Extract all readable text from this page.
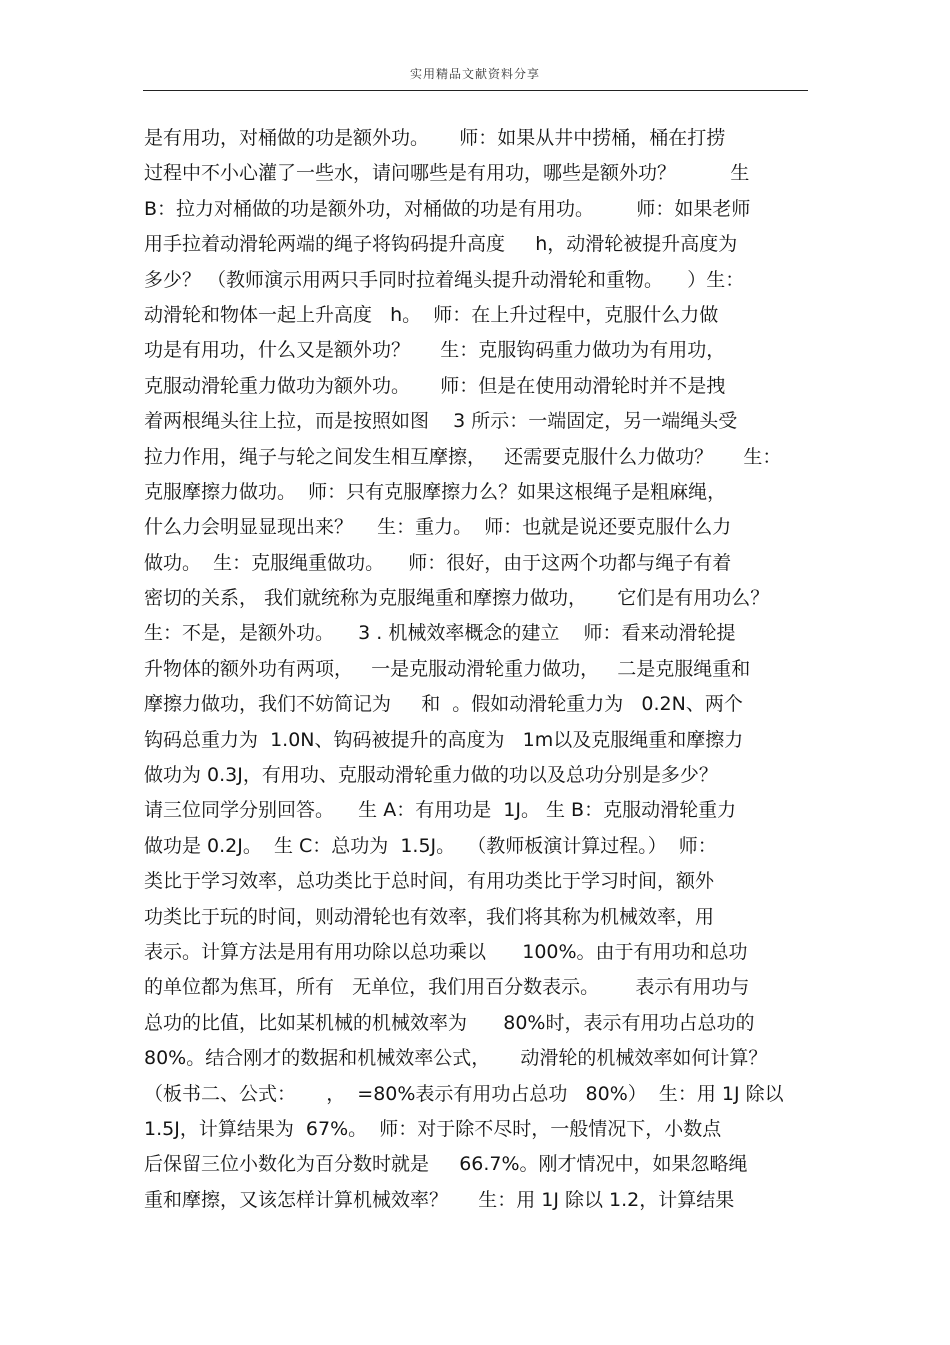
实用精品文献资料分享
是有用功，对桶做的功是额外功。     师：如果从井中捞桶，桶在打捞
过程中不小心灌了一些水，请问哪些是有用功，哪些是额外功？         生
B：拉力对桶做的功是额外功，对桶做的功是有用功。       师：如果老师
用手拉着动滑轮两端的绳子将钩码提升高度     h，动滑轮被提升高度为
多少？ （教师演示用两只手同时拉着绳头提升动滑轮和重物。    ）生：
动滑轮和物体一起上升高度   h。  师：在上升过程中，克服什么力做
功是有用功，什么又是额外功？     生：克服钩码重力做功为有用功，
克服动滑轮重力做功为额外功。     师：但是在使用动滑轮时并不是拽
着两根绳头往上拉，而是按照如图    3 所示：一端固定，另一端绳头受
拉力作用，绳子与轮之间发生相互摩擦，   还需要克服什么力做功？     生：
克服摩擦力做功。  师：只有克服摩擦力么？如果这根绳子是粗麻绳，
什么力会明显显现出来？    生：重力。  师：也就是说还要克服什么力
做功。  生：克服绳重做功。    师：很好，由于这两个功都与绳子有着
密切的关系， 我们就统称为克服绳重和摩擦力做功，     它们是有用功么？
生：不是，是额外功。    3 . 机械效率概念的建立    师：看来动滑轮提
升物体的额外功有两项，   一是克服动滑轮重力做功，   二是克服绳重和
摩擦力做功，我们不妨简记为     和  。假如动滑轮重力为   0.2N、两个
钩码总重力为  1.0N、钩码被提升的高度为   1m以及克服绳重和摩擦力
做功为 0.3J，有用功、克服动滑轮重力做的功以及总功分别是多少？
请三位同学分别回答。    生 A：有用功是  1J。 生 B：克服动滑轮重力
做功是 0.2J。  生 C：总功为  1.5J。  （教师板演计算过程。）  师：
类比于学习效率，总功类比于总时间，有用功类比于学习时间，额外
功类比于玩的时间，则动滑轮也有效率，我们将其称为机械效率，用
表示。计算方法是用有用功除以总功乘以      100%。由于有用功和总功
的单位都为焦耳，所有   无单位，我们用百分数表示。      表示有用功与
总功的比值，比如某机械的机械效率为      80%时，表示有用功占总功的
80%。结合刚才的数据和机械效率公式，     动滑轮的机械效率如何计算？
（板书二、公式：     ，  =80%表示有用功占总功   80%）  生：用 1J 除以
1.5J，计算结果为  67%。  师：对于除不尽时，一般情况下，小数点
后保留三位小数化为百分数时就是     66.7%。刚才情况中，如果忽略绳
重和摩擦，又该怎样计算机械效率？     生：用 1J 除以 1.2，计算结果
